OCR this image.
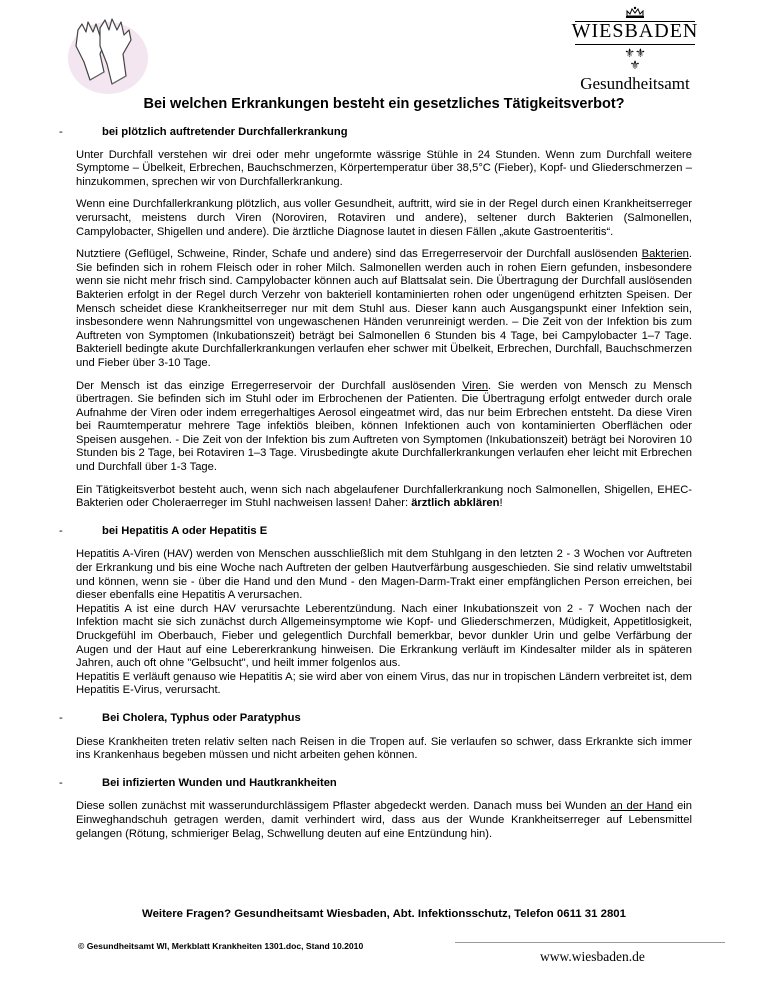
WIESBADEN
⚜⚜
⚜
Gesundheitsamt
Bei welchen Erkrankungen besteht ein gesetzliches Tätigkeitsverbot?
-	bei plötzlich auftretender Durchfallerkrankung

Unter Durchfall verstehen wir drei oder mehr ungeformte wässrige Stühle in 24 Stunden. Wenn zum Durchfall weitere Symptome – Übelkeit, Erbrechen, Bauchschmerzen, Körpertemperatur über 38,5°C (Fieber), Kopf- und Gliederschmerzen – hinzukommen, sprechen wir von Durchfallerkrankung.

Wenn eine Durchfallerkrankung plötzlich, aus voller Gesundheit, auftritt, wird sie in der Regel durch einen Krankheitserreger verursacht, meistens durch Viren (Noroviren, Rotaviren und andere), seltener durch Bakterien (Salmonellen, Campylobacter, Shigellen und andere). Die ärztliche Diagnose lautet in diesen Fällen „akute Gastroenteritis“.

Nutztiere (Geflügel, Schweine, Rinder, Schafe und andere) sind das Erregerreservoir der Durchfall auslösenden Bakterien. Sie befinden sich in rohem Fleisch oder in roher Milch. Salmonellen werden auch in rohen Eiern gefunden, insbesondere wenn sie nicht mehr frisch sind. Campylobacter können auch auf Blattsalat sein. Die Übertragung der Durchfall auslösenden Bakterien erfolgt in der Regel durch Verzehr von bakteriell kontaminierten rohen oder ungenügend erhitzten Speisen. Der Mensch scheidet diese Krankheitserreger nur mit dem Stuhl aus. Dieser kann auch Ausgangspunkt einer Infektion sein, insbesondere wenn Nahrungsmittel von ungewaschenen Händen verunreinigt werden. – Die Zeit von der Infektion bis zum Auftreten von Symptomen (Inkubationszeit) beträgt bei Salmonellen 6 Stunden bis 4 Tage, bei Campylobacter 1–7 Tage. Bakteriell bedingte akute Durchfallerkrankungen verlaufen eher schwer mit Übelkeit, Erbrechen, Durchfall, Bauchschmerzen und Fieber über 3-10 Tage.

Der Mensch ist das einzige Erregerreservoir der Durchfall auslösenden Viren. Sie werden von Mensch zu Mensch übertragen. Sie befinden sich im Stuhl oder im Erbrochenen der Patienten. Die Übertragung erfolgt entweder durch orale Aufnahme der Viren oder indem erregerhaltiges Aerosol eingeatmet wird, das nur beim Erbrechen entsteht. Da diese Viren bei Raumtemperatur mehrere Tage infektiös bleiben, können Infektionen auch von kontaminierten Oberflächen oder Speisen ausgehen. - Die Zeit von der Infektion bis zum Auftreten von Symptomen (Inkubationszeit) beträgt bei Noroviren 10 Stunden bis 2 Tage, bei Rotaviren 1–3 Tage. Virusbedingte akute Durchfallerkrankungen verlaufen eher leicht mit Erbrechen und Durchfall über 1-3 Tage.

Ein Tätigkeitsverbot besteht auch, wenn sich nach abgelaufener Durchfallerkrankung noch Salmonellen, Shigellen, EHEC-Bakterien oder Choleraerreger im Stuhl nachweisen lassen! Daher: ärztlich abklären!

-	bei Hepatitis A oder Hepatitis E

Hepatitis A-Viren (HAV) werden von Menschen ausschließlich mit dem Stuhlgang in den letzten 2 - 3 Wochen vor Auftreten der Erkrankung und bis eine Woche nach Auftreten der gelben Hautverfärbung ausgeschieden. Sie sind relativ umweltstabil und können, wenn sie - über die Hand und den Mund - den Magen-Darm-Trakt einer empfänglichen Person erreichen, bei dieser ebenfalls eine Hepatitis A verursachen.

Hepatitis A ist eine durch HAV verursachte Leberentzündung. Nach einer Inkubationszeit von 2 - 7 Wochen nach der Infektion macht sie sich zunächst durch Allgemeinsymptome wie Kopf- und Gliederschmerzen, Müdigkeit, Appetitlosigkeit, Druckgefühl im Oberbauch, Fieber und gelegentlich Durchfall bemerkbar, bevor dunkler Urin und gelbe Verfärbung der Augen und der Haut auf eine Lebererkrankung hinweisen. Die Erkrankung verläuft im Kindesalter milder als in späteren Jahren, auch oft ohne "Gelbsucht", und heilt immer folgenlos aus.

Hepatitis E verläuft genauso wie Hepatitis A; sie wird aber von einem Virus, das nur in tropischen Ländern verbreitet ist, dem Hepatitis E-Virus, verursacht.

-	Bei Cholera, Typhus oder Paratyphus

Diese Krankheiten treten relativ selten nach Reisen in die Tropen auf. Sie verlaufen so schwer, dass Erkrankte sich immer ins Krankenhaus begeben müssen und nicht arbeiten gehen können.

-	Bei infizierten Wunden und Hautkrankheiten

Diese sollen zunächst mit wasserundurchlässigem Pflaster abgedeckt werden. Danach muss bei Wunden an der Hand ein Einweghandschuh getragen werden, damit verhindert wird, dass aus der Wunde Krankheitserreger auf Lebensmittel gelangen (Rötung, schmieriger Belag, Schwellung deuten auf eine Entzündung hin).

Weitere Fragen? Gesundheitsamt Wiesbaden, Abt. Infektionsschutz, Telefon 0611 31 2801
© Gesundheitsamt WI, Merkblatt Krankheiten 1301.doc, Stand 10.2010
www.wiesbaden.de
